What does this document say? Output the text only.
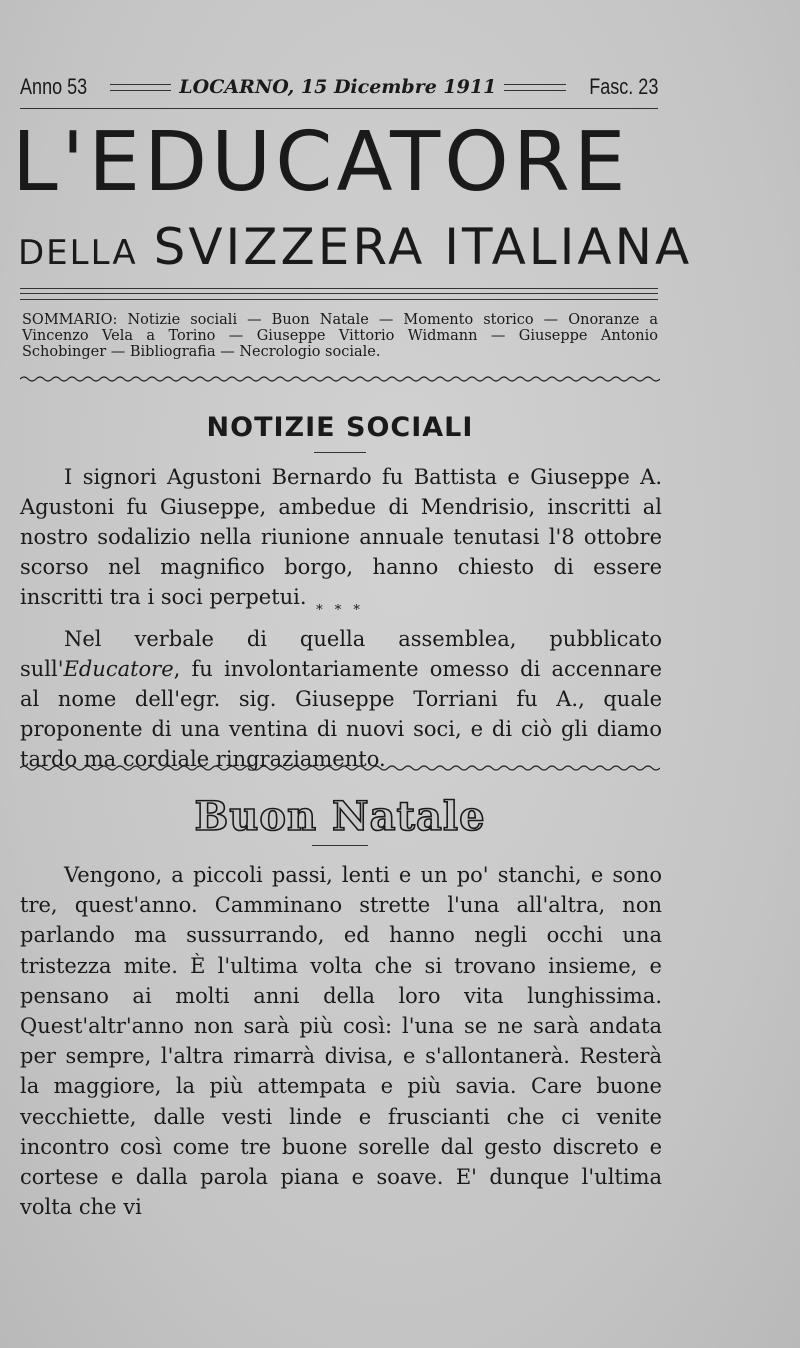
Anno 53	LOCARNO, 15 Dicembre 1911	Fasc. 23
L'EDUCATORE
DELLA SVIZZERA ITALIANA
SOMMARIO: Notizie sociali — Buon Natale — Momento storico — Onoranze a Vincenzo Vela a Torino — Giuseppe Vittorio Widmann — Giuseppe Antonio Schobinger — Bibliografia — Necrologio sociale.
NOTIZIE SOCIALI

I signori Agustoni Bernardo fu Battista e Giuseppe A. Agustoni fu Giuseppe, ambedue di Mendrisio, inscritti al nostro sodalizio nella riunione annuale tenutasi l'8 ottobre scorso nel magnifico borgo, hanno chiesto di essere inscritti tra i soci perpetui.

* * *

Nel verbale di quella assemblea, pubblicato sull'Educatore, fu involontariamente omesso di accennare al nome dell'egr. sig. Giuseppe Torriani fu A., quale proponente di una ventina di nuovi soci, e di ciò gli diamo tardo ma cordiale ringraziamento.

Buon Natale

Vengono, a piccoli passi, lenti e un po' stanchi, e sono tre, quest'anno. Camminano strette l'una all'altra, non parlando ma sussurrando, ed hanno negli occhi una tristezza mite. È l'ultima volta che si trovano insieme, e pensano ai molti anni della loro vita lunghissima. Quest'altr'anno non sarà più così: l'una se ne sarà andata per sempre, l'altra rimarrà divisa, e s'allontanerà. Resterà la maggiore, la più attempata e più savia. Care buone vecchiette, dalle vesti linde e fruscianti che ci venite incontro così come tre buone sorelle dal gesto discreto e cortese e dalla parola piana e soave. E' dunque l'ultima volta che vi
